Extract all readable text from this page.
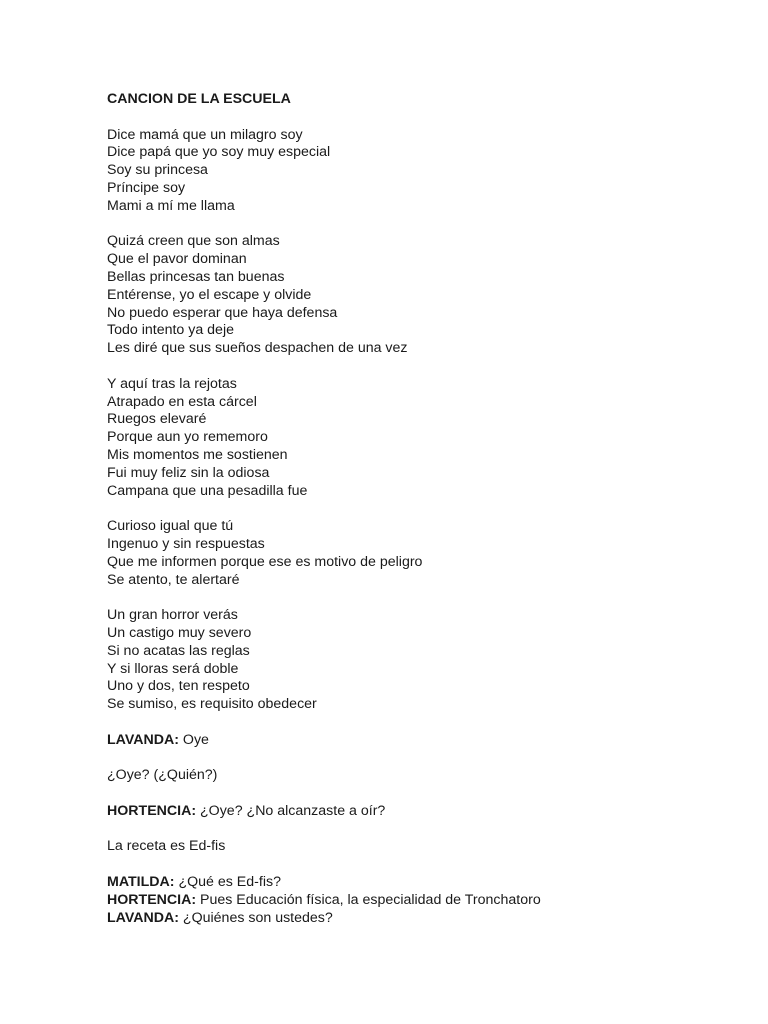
CANCION DE LA ESCUELA
Dice mamá que un milagro soy
Dice papá que yo soy muy especial
Soy su princesa
Príncipe soy
Mami a mí me llama
Quizá creen que son almas
Que el pavor dominan
Bellas princesas tan buenas
Entérense, yo el escape y olvide
No puedo esperar que haya defensa
Todo intento ya deje
Les diré que sus sueños despachen de una vez
Y aquí tras la rejotas
Atrapado en esta cárcel
Ruegos elevaré
Porque aun yo rememoro
Mis momentos me sostienen
Fui muy feliz sin la odiosa
Campana que una pesadilla fue
Curioso igual que tú
Ingenuo y sin respuestas
Que me informen porque ese es motivo de peligro
Se atento, te alertaré
Un gran horror verás
Un castigo muy severo
Si no acatas las reglas
Y si lloras será doble
Uno y dos, ten respeto
Se sumiso, es requisito obedecer
LAVANDA: Oye
¿Oye? (¿Quién?)
HORTENCIA: ¿Oye? ¿No alcanzaste a oír?
La receta es Ed-fis
MATILDA: ¿Qué es Ed-fis?
HORTENCIA: Pues Educación física, la especialidad de Tronchatoro
LAVANDA: ¿Quiénes son ustedes?
